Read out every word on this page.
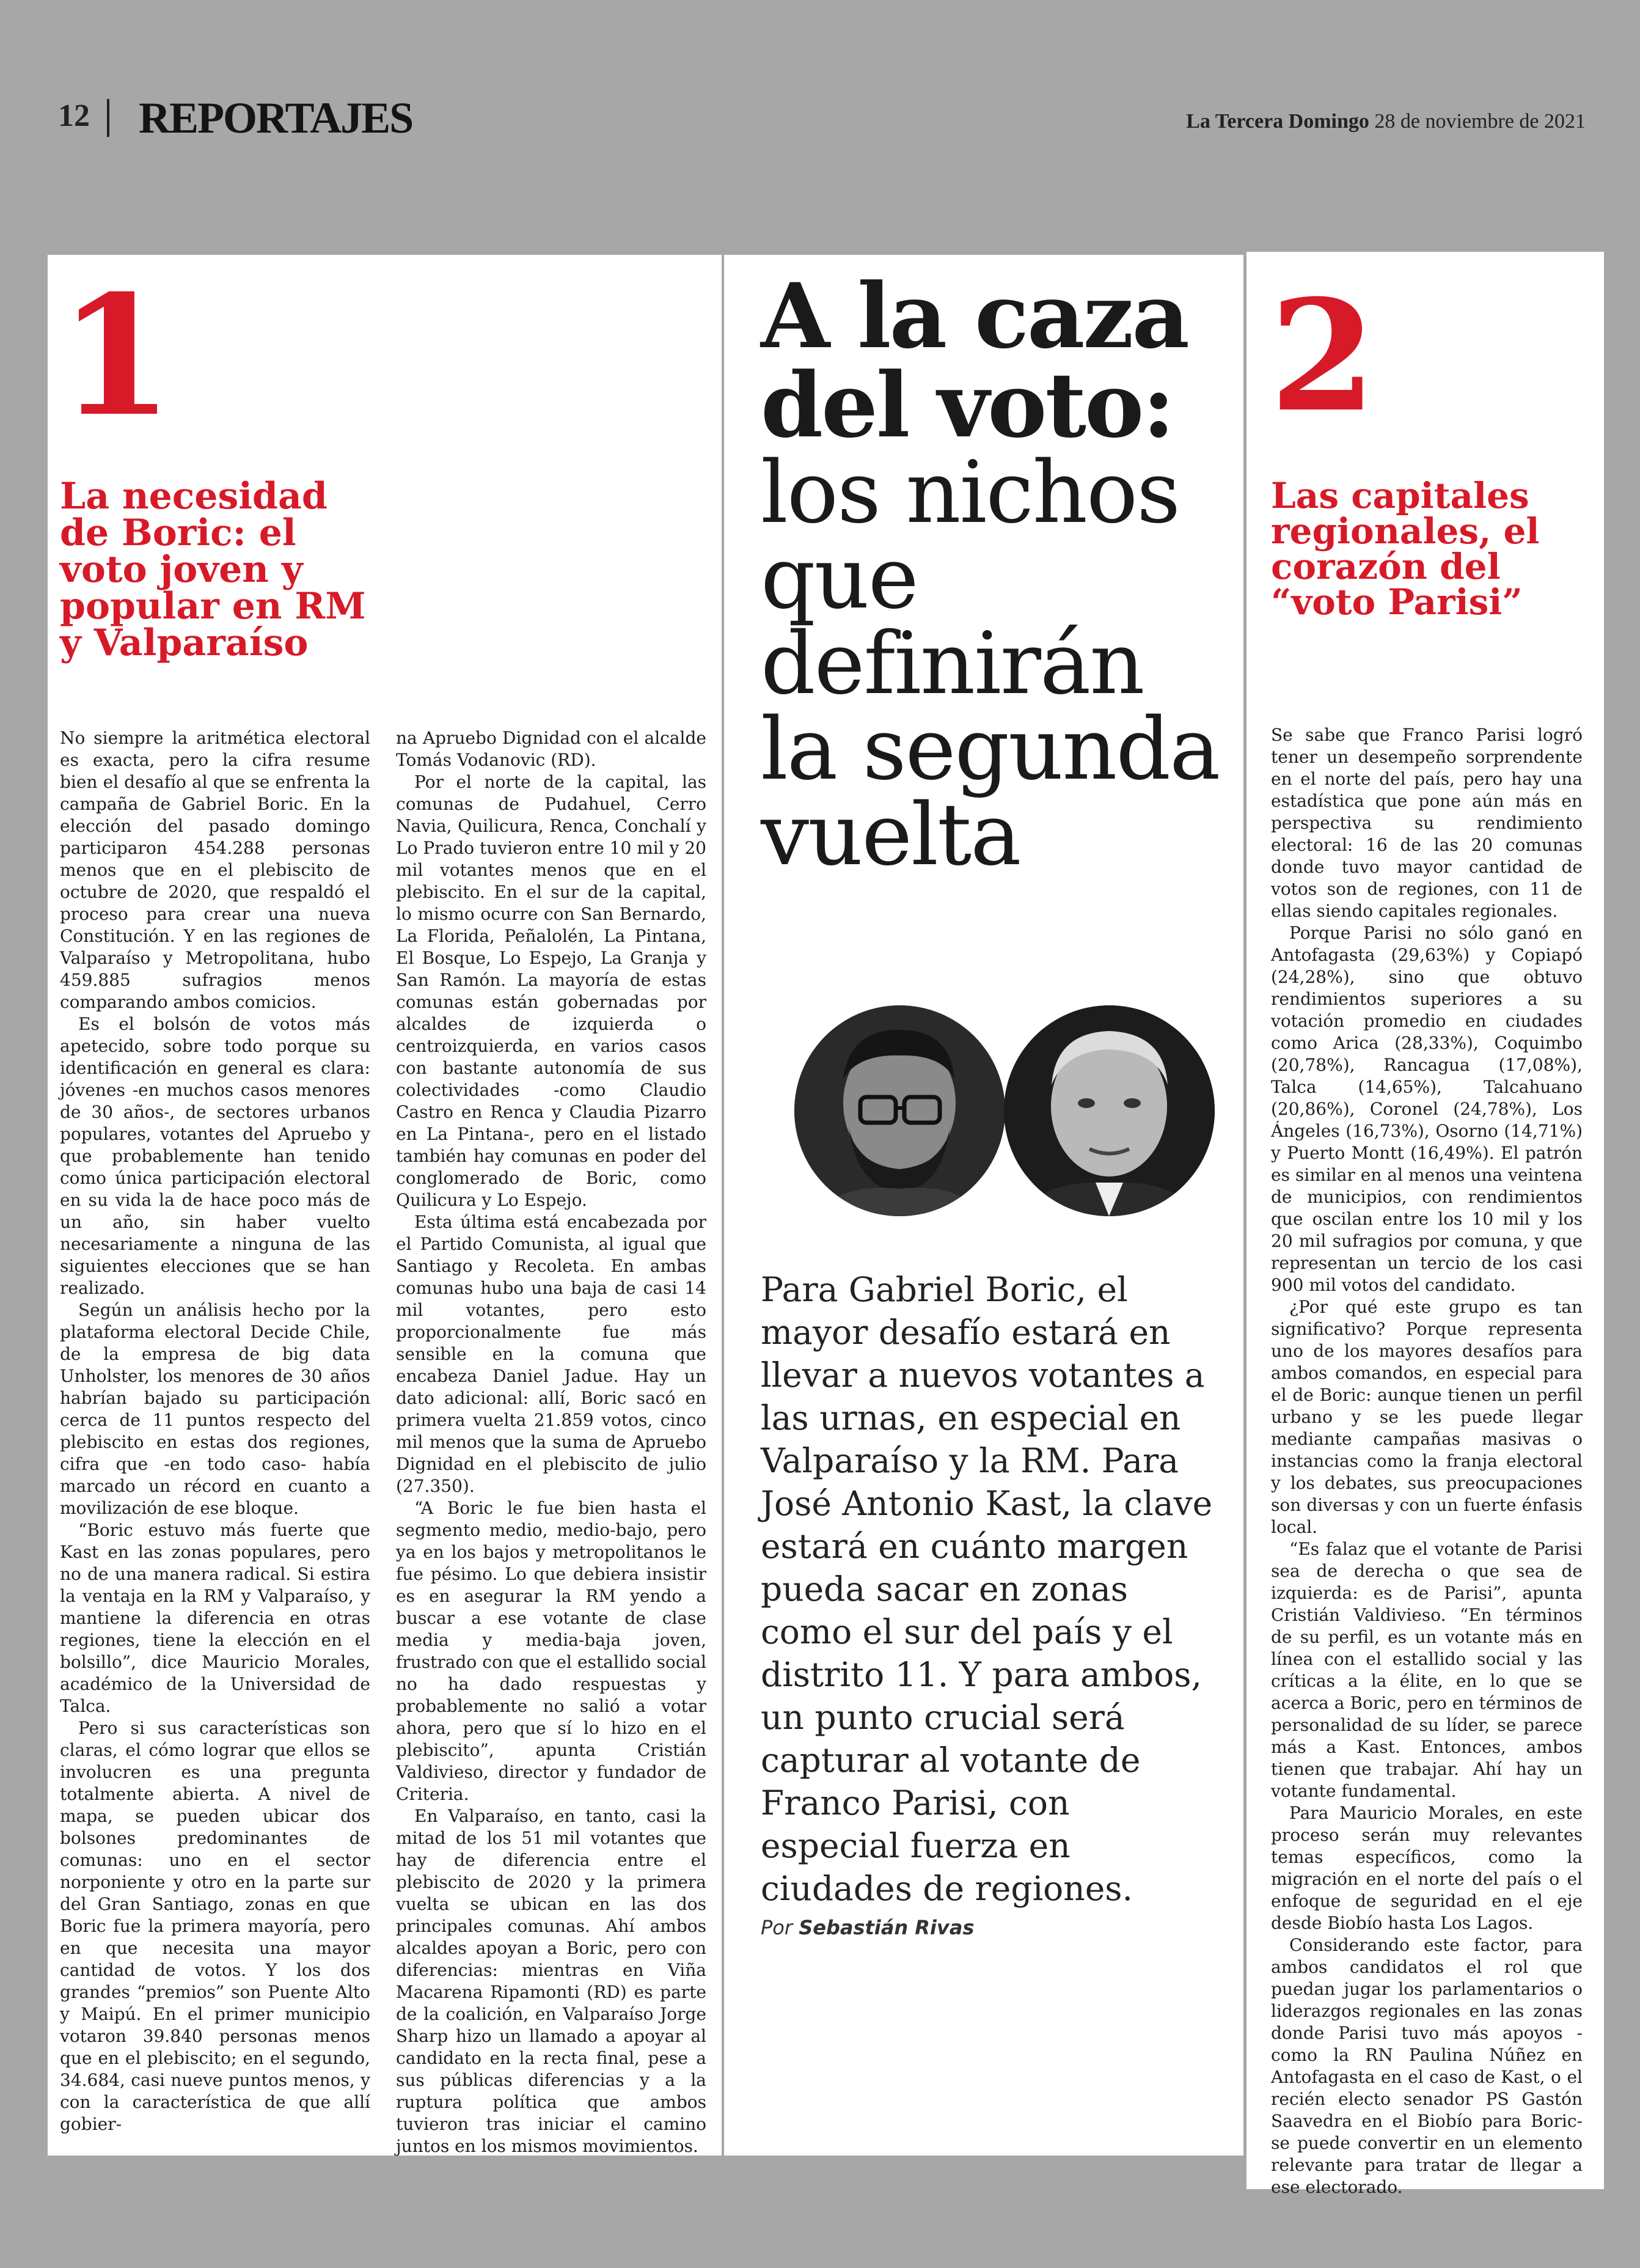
12 REPORTAJES	La Tercera Domingo 28 de noviembre de 2021
1
La necesidad
de Boric: el
voto joven y
popular en RM
y Valparaíso

No siempre la aritmética electoral es exacta, pero la cifra resume bien el desafío al que se enfrenta la campaña de Gabriel Boric. En la elección del pasado domingo participaron 454.288 personas menos que en el plebiscito de octubre de 2020, que respaldó el proceso para crear una nueva Constitución. Y en las regiones de Valparaíso y Metropolitana, hubo 459.885 sufragios menos comparando ambos comicios.

Es el bolsón de votos más apetecido, sobre todo porque su identificación en general es clara: jóvenes -en muchos casos menores de 30 años-, de sectores urbanos populares, votantes del Apruebo y que probablemente han tenido como única participación electoral en su vida la de hace poco más de un año, sin haber vuelto necesariamente a ninguna de las siguientes elecciones que se han realizado.

Según un análisis hecho por la plataforma electoral Decide Chile, de la empresa de big data Unholster, los menores de 30 años habrían bajado su participación cerca de 11 puntos respecto del plebiscito en estas dos regiones, cifra que -en todo caso- había marcado un récord en cuanto a movilización de ese bloque.

“Boric estuvo más fuerte que Kast en las zonas populares, pero no de una manera radical. Si estira la ventaja en la RM y Valparaíso, y mantiene la diferencia en otras regiones, tiene la elección en el bolsillo”, dice Mauricio Morales, académico de la Universidad de Talca.

Pero si sus características son claras, el cómo lograr que ellos se involucren es una pregunta totalmente abierta. A nivel de mapa, se pueden ubicar dos bolsones predominantes de comunas: uno en el sector norponiente y otro en la parte sur del Gran Santiago, zonas en que Boric fue la primera mayoría, pero en que necesita una mayor cantidad de votos. Y los dos grandes “premios” son Puente Alto y Maipú. En el primer municipio votaron 39.840 personas menos que en el plebiscito; en el segundo, 34.684, casi nueve puntos menos, y con la característica de que allí gobier-

na Apruebo Dignidad con el alcalde Tomás Vodanovic (RD).

Por el norte de la capital, las comunas de Pudahuel, Cerro Navia, Quilicura, Renca, Conchalí y Lo Prado tuvieron entre 10 mil y 20 mil votantes menos que en el plebiscito. En el sur de la capital, lo mismo ocurre con San Bernardo, La Florida, Peñalolén, La Pintana, El Bosque, Lo Espejo, La Granja y San Ramón. La mayoría de estas comunas están gobernadas por alcaldes de izquierda o centroizquierda, en varios casos con bastante autonomía de sus colectividades -como Claudio Castro en Renca y Claudia Pizarro en La Pintana-, pero en el listado también hay comunas en poder del conglomerado de Boric, como Quilicura y Lo Espejo.

Esta última está encabezada por el Partido Comunista, al igual que Santiago y Recoleta. En ambas comunas hubo una baja de casi 14 mil votantes, pero esto proporcionalmente fue más sensible en la comuna que encabeza Daniel Jadue. Hay un dato adicional: allí, Boric sacó en primera vuelta 21.859 votos, cinco mil menos que la suma de Apruebo Dignidad en el plebiscito de julio (27.350).

“A Boric le fue bien hasta el segmento medio, medio-bajo, pero ya en los bajos y metropolitanos le fue pésimo. Lo que debiera insistir es en asegurar la RM yendo a buscar a ese votante de clase media y media-baja joven, frustrado con que el estallido social no ha dado respuestas y probablemente no salió a votar ahora, pero que sí lo hizo en el plebiscito”, apunta Cristián Valdivieso, director y fundador de Criteria.

En Valparaíso, en tanto, casi la mitad de los 51 mil votantes que hay de diferencia entre el plebiscito de 2020 y la primera vuelta se ubican en las dos principales comunas. Ahí ambos alcaldes apoyan a Boric, pero con diferencias: mientras en Viña Macarena Ripamonti (RD) es parte de la coalición, en Valparaíso Jorge Sharp hizo un llamado a apoyar al candidato en la recta final, pese a sus públicas diferencias y a la ruptura política que ambos tuvieron tras iniciar el camino juntos en los mismos movimientos.

A la caza
del voto:
los nichos
que
definirán
la segunda
vuelta
Para Gabriel Boric, el mayor desafío estará en llevar a nuevos votantes a las urnas, en especial en Valparaíso y la RM. Para José Antonio Kast, la clave estará en cuánto margen pueda sacar en zonas como el sur del país y el distrito 11. Y para ambos, un punto crucial será capturar al votante de Franco Parisi, con especial fuerza en ciudades de regiones.
Por Sebastián Rivas
2
Las capitales
regionales, el
corazón del
“voto Parisi”

Se sabe que Franco Parisi logró tener un desempeño sorprendente en el norte del país, pero hay una estadística que pone aún más en perspectiva su rendimiento electoral: 16 de las 20 comunas donde tuvo mayor cantidad de votos son de regiones, con 11 de ellas siendo capitales regionales.

Porque Parisi no sólo ganó en Antofagasta (29,63%) y Copiapó (24,28%), sino que obtuvo rendimientos superiores a su votación promedio en ciudades como Arica (28,33%), Coquimbo (20,78%), Rancagua (17,08%), Talca (14,65%), Talcahuano (20,86%), Coronel (24,78%), Los Ángeles (16,73%), Osorno (14,71%) y Puerto Montt (16,49%). El patrón es similar en al menos una veintena de municipios, con rendimientos que oscilan entre los 10 mil y los 20 mil sufragios por comuna, y que representan un tercio de los casi 900 mil votos del candidato.

¿Por qué este grupo es tan significativo? Porque representa uno de los mayores desafíos para ambos comandos, en especial para el de Boric: aunque tienen un perfil urbano y se les puede llegar mediante campañas masivas o instancias como la franja electoral y los debates, sus preocupaciones son diversas y con un fuerte énfasis local.

“Es falaz que el votante de Parisi sea de derecha o que sea de izquierda: es de Parisi”, apunta Cristián Valdivieso. “En términos de su perfil, es un votante más en línea con el estallido social y las críticas a la élite, en lo que se acerca a Boric, pero en términos de personalidad de su líder, se parece más a Kast. Entonces, ambos tienen que trabajar. Ahí hay un votante fundamental.

Para Mauricio Morales, en este proceso serán muy relevantes temas específicos, como la migración en el norte del país o el enfoque de seguridad en el eje desde Biobío hasta Los Lagos.

Considerando este factor, para ambos candidatos el rol que puedan jugar los parlamentarios o liderazgos regionales en las zonas donde Parisi tuvo más apoyos -como la RN Paulina Núñez en Antofagasta en el caso de Kast, o el recién electo senador PS Gastón Saavedra en el Biobío para Boric- se puede convertir en un elemento relevante para tratar de llegar a ese electorado.
